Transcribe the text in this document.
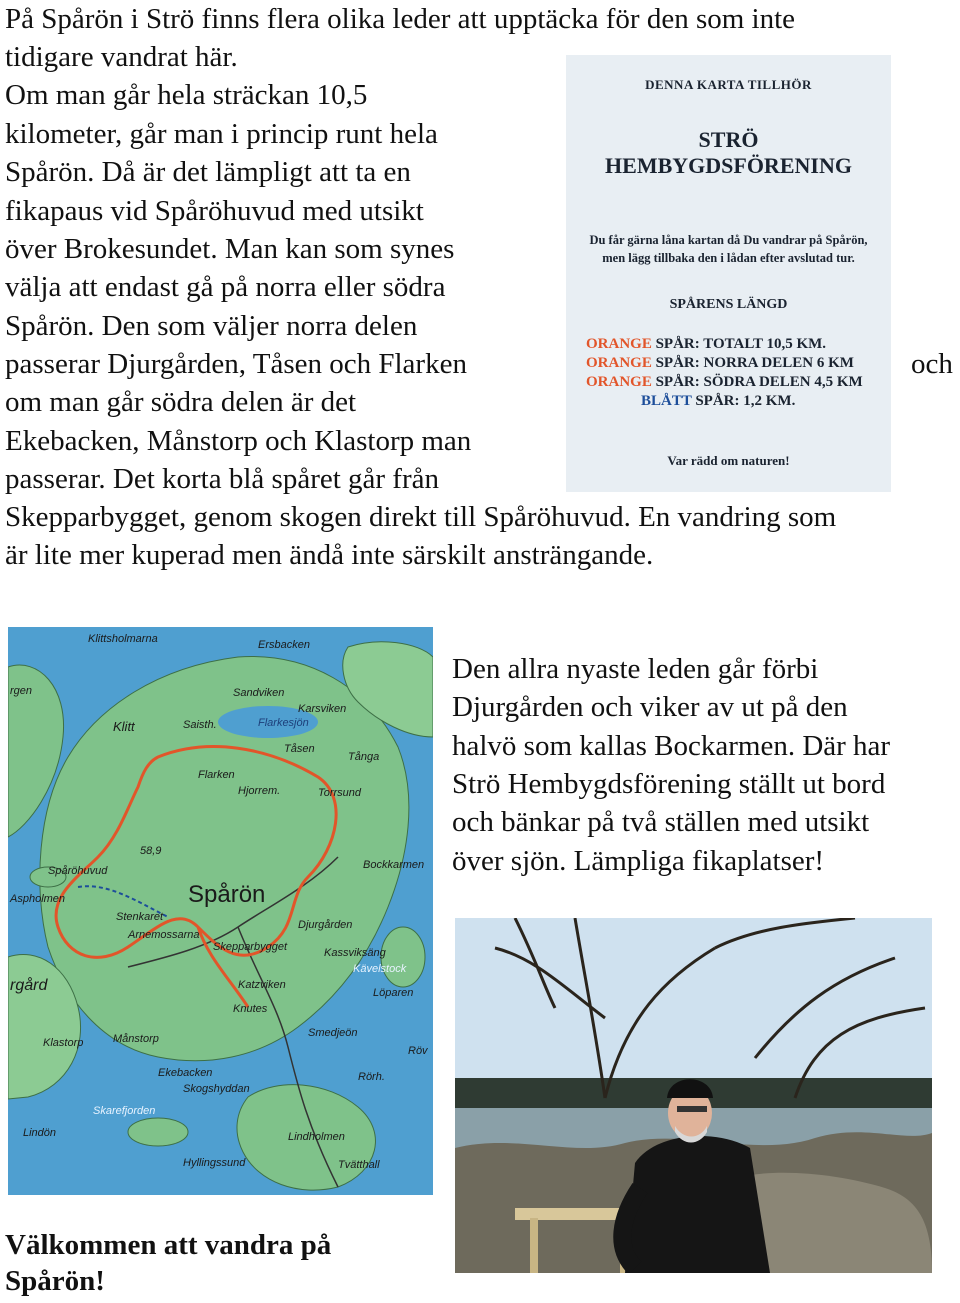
På Spårön i Strö finns flera olika leder att upptäcka för den som inte
tidigare vandrat här.
Om man går hela sträckan 10,5
kilometer, går man i princip runt hela
Spårön. Då är det lämpligt att ta en
fikapaus vid Spåröhuvud med utsikt
över Brokesundet. Man kan som synes
välja att endast gå på norra eller södra
Spårön. Den som väljer norra delen
passerar Djurgården, Tåsen och Flarken	och
om man går södra delen är det
Ekebacken, Månstorp och Klastorp man
passerar. Det korta blå spåret går från
Skepparbygget, genom skogen direkt till Spåröhuvud. En vandring som
är lite mer kuperad men ändå inte särskilt ansträngande.
DENNA KARTA TILLHÖR
STRÖ
HEMBYGDSFÖRENING
Du får gärna låna kartan då Du vandrar på Spårön,
men lägg tillbaka den i lådan efter avslutad tur.
SPÅRENS LÄNGD
ORANGE SPÅR: TOTALT 10,5 KM.
ORANGE SPÅR: NORRA DELEN 6 KM
ORANGE SPÅR: SÖDRA DELEN 4,5 KM
BLÅTT SPÅR: 1,2 KM.
Var rädd om naturen!
Klittsholmarna	Ersbacken
rgen	Sandviken
Karsviken
Klitt	Saisth.	Flarkesjön
Tåsen
Tånga
Flarken
Hjorrem.	Torrsund
58,9
Bockkarmen
Spåröhuvud
Spårön
Aspholmen
Stenkaret
Djurgården
Arnemossarna
Skepparbygget	Kassviksäng
Kävelstock
rgård	Katzviken
Knutes
Löparen
Klastorp	Månstorp	Smedjeön
Röv
Ekebacken
Skogshyddan
Rörh.
Skarefjorden
Lindön	Lindholmen
Hyllingssund	Tvätthall
Den allra nyaste leden går förbi
Djurgården och viker av ut på den
halvö som kallas Bockarmen. Där har
Strö Hembygdsförening ställt ut bord
och bänkar på två ställen med utsikt
över sjön. Lämpliga fikaplatser!
Välkommen att vandra på
Spårön!
